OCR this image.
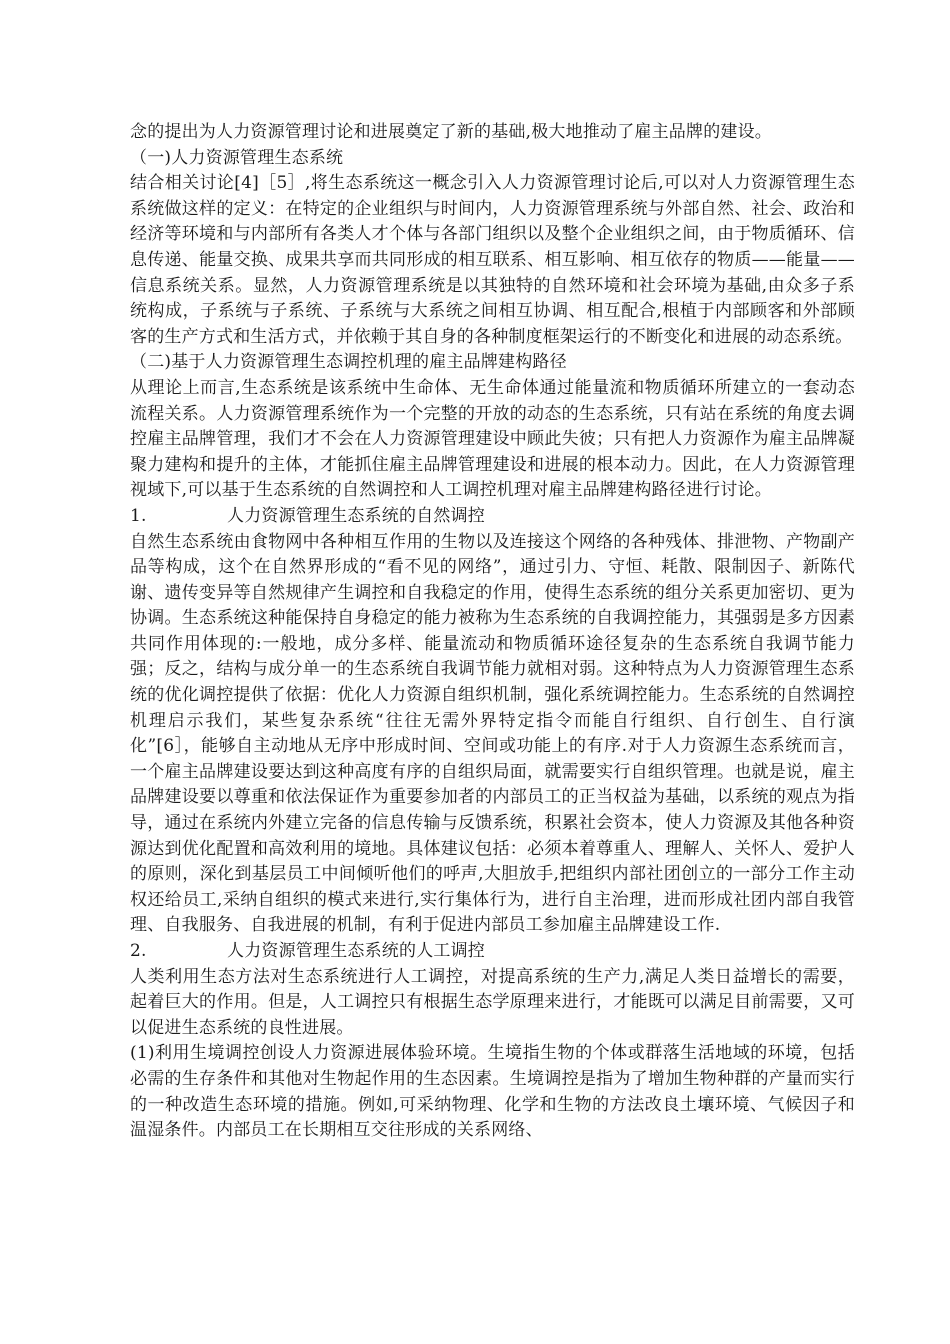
念的提出为人力资源管理讨论和进展奠定了新的基础,极大地推动了雇主品牌的建设。

（一)人力资源管理生态系统

结合相关讨论[4]［5］,将生态系统这一概念引入人力资源管理讨论后,可以对人力资源管理生态系统做这样的定义：在特定的企业组织与时间内，人力资源管理系统与外部自然、社会、政治和经济等环境和与内部所有各类人才个体与各部门组织以及整个企业组织之间，由于物质循环、信息传递、能量交换、成果共享而共同形成的相互联系、相互影响、相互依存的物质——能量——信息系统关系。显然，人力资源管理系统是以其独特的自然环境和社会环境为基础,由众多子系统构成，子系统与子系统、子系统与大系统之间相互协调、相互配合,根植于内部顾客和外部顾客的生产方式和生活方式，并依赖于其自身的各种制度框架运行的不断变化和进展的动态系统。

（二)基于人力资源管理生态调控机理的雇主品牌建构路径

从理论上而言,生态系统是该系统中生命体、无生命体通过能量流和物质循环所建立的一套动态流程关系。人力资源管理系统作为一个完整的开放的动态的生态系统，只有站在系统的角度去调控雇主品牌管理，我们才不会在人力资源管理建设中顾此失彼；只有把人力资源作为雇主品牌凝聚力建构和提升的主体，才能抓住雇主品牌管理建设和进展的根本动力。因此，在人力资源管理视域下,可以基于生态系统的自然调控和人工调控机理对雇主品牌建构路径进行讨论。

1.	人力资源管理生态系统的自然调控

自然生态系统由食物网中各种相互作用的生物以及连接这个网络的各种残体、排泄物、产物副产品等构成，这个在自然界形成的“看不见的网络”，通过引力、守恒、耗散、限制因子、新陈代谢、遗传变异等自然规律产生调控和自我稳定的作用，使得生态系统的组分关系更加密切、更为协调。生态系统这种能保持自身稳定的能力被称为生态系统的自我调控能力，其强弱是多方因素共同作用体现的:一般地，成分多样、能量流动和物质循环途径复杂的生态系统自我调节能力强；反之，结构与成分单一的生态系统自我调节能力就相对弱。这种特点为人力资源管理生态系统的优化调控提供了依据：优化人力资源自组织机制，强化系统调控能力。生态系统的自然调控机理启示我们，某些复杂系统“往往无需外界特定指令而能自行组织、自行创生、自行演化”[6］，能够自主动地从无序中形成时间、空间或功能上的有序.对于人力资源生态系统而言，一个雇主品牌建设要达到这种高度有序的自组织局面，就需要实行自组织管理。也就是说，雇主品牌建设要以尊重和依法保证作为重要参加者的内部员工的正当权益为基础，以系统的观点为指导，通过在系统内外建立完备的信息传输与反馈系统，积累社会资本，使人力资源及其他各种资源达到优化配置和高效利用的境地。具体建议包括：必须本着尊重人、理解人、关怀人、爱护人的原则，深化到基层员工中间倾听他们的呼声,大胆放手,把组织内部社团创立的一部分工作主动权还给员工,采纳自组织的模式来进行,实行集体行为，进行自主治理，进而形成社团内部自我管理、自我服务、自我进展的机制，有利于促进内部员工参加雇主品牌建设工作.

2.	人力资源管理生态系统的人工调控

人类利用生态方法对生态系统进行人工调控，对提高系统的生产力,满足人类日益增长的需要，起着巨大的作用。但是，人工调控只有根据生态学原理来进行，才能既可以满足目前需要，又可以促进生态系统的良性进展。

(1)利用生境调控创设人力资源进展体验环境。生境指生物的个体或群落生活地域的环境，包括必需的生存条件和其他对生物起作用的生态因素。生境调控是指为了增加生物种群的产量而实行的一种改造生态环境的措施。例如,可采纳物理、化学和生物的方法改良土壤环境、气候因子和温湿条件。内部员工在长期相互交往形成的关系网络、
